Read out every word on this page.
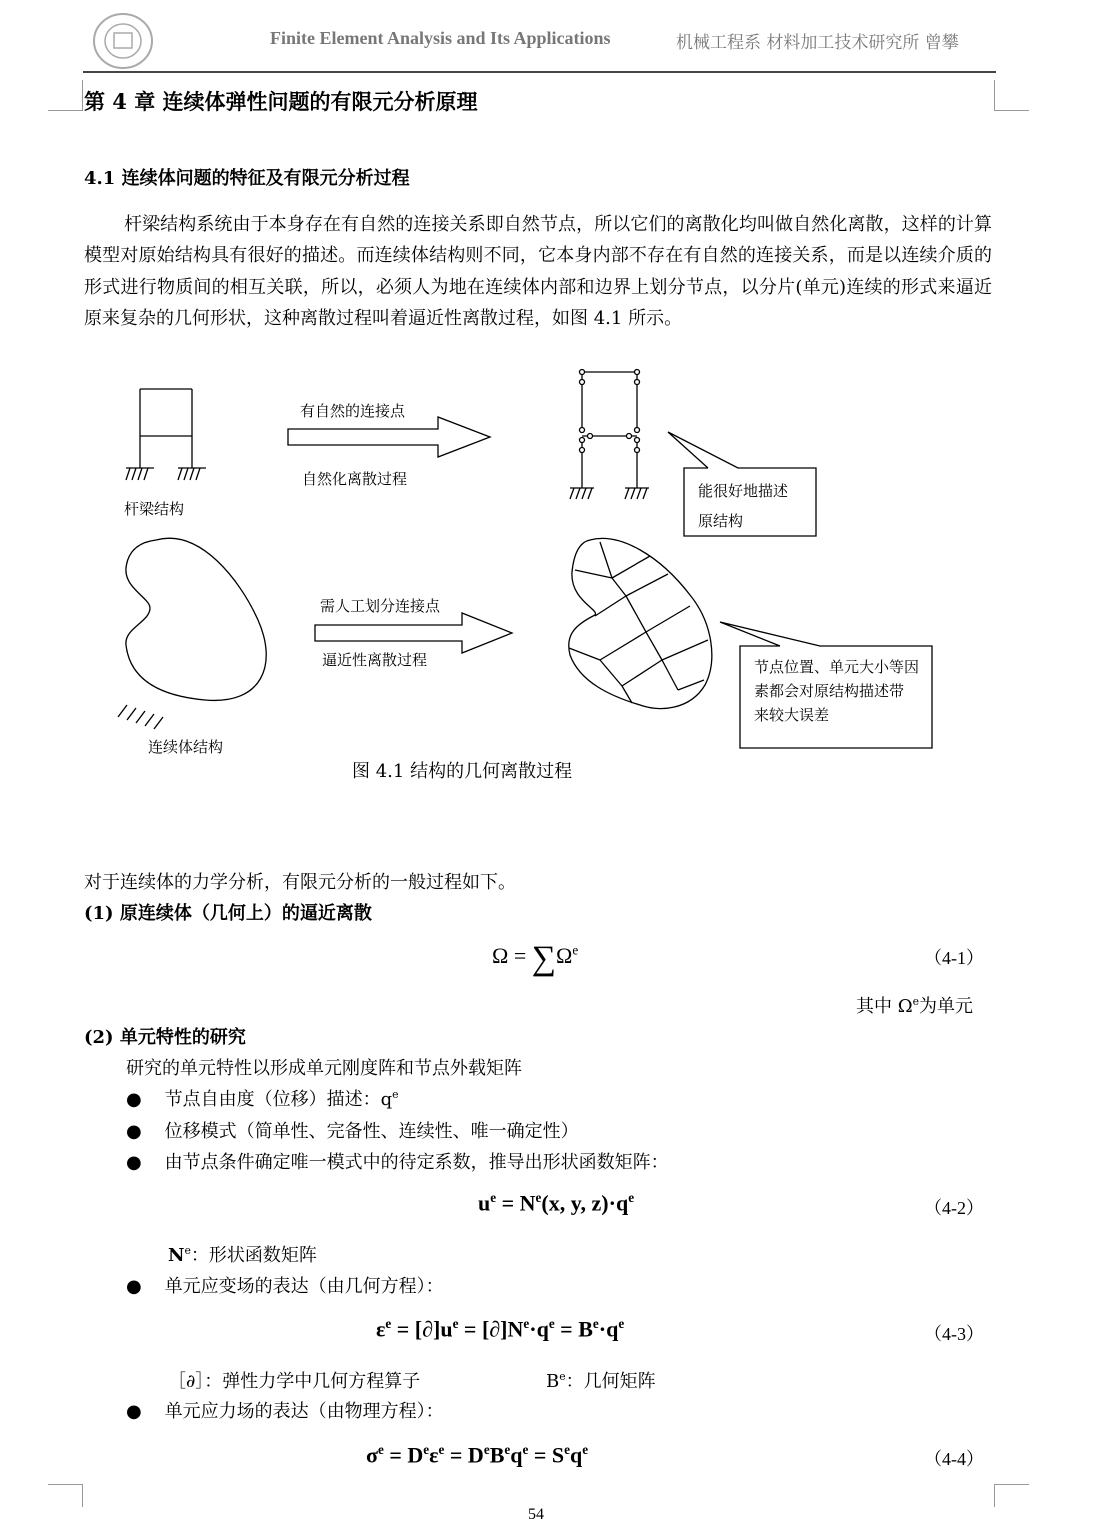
Finite Element Analysis and Its Applications	机械工程系 材料加工技术研究所 曾攀
第 4 章 连续体弹性问题的有限元分析原理
4.1 连续体问题的特征及有限元分析过程

杆梁结构系统由于本身存在有自然的连接关系即自然节点，所以它们的离散化均叫做自然化离散，这样的计算模型对原始结构具有很好的描述。而连续体结构则不同，它本身内部不存在有自然的连接关系，而是以连续介质的形式进行物质间的相互关联，所以，必须人为地在连续体内部和边界上划分节点，以分片(单元)连续的形式来逼近原来复杂的几何形状，这种离散过程叫着逼近性离散过程，如图 4.1 所示。

杆梁结构
有自然的连接点
自然化离散过程
能很好地描述
原结构
连续体结构
需人工划分连接点
逼近性离散过程	节点位置、单元大小等因
素都会对原结构描述带
来较大误差
图 4.1 结构的几何离散过程
对于连续体的力学分析，有限元分析的一般过程如下。
(1) 原连续体（几何上）的逼近离散
$\Omega = \sum\Omega^e$	（4-1）
其中 $\Omega^e$为单元
(2) 单元特性的研究
研究的单元特性以形成单元刚度阵和节点外载矩阵
●    节点自由度（位移）描述：$q^e$
●    位移模式（简单性、完备性、连续性、唯一确定性）
●    由节点条件确定唯一模式中的待定系数，推导出形状函数矩阵：
$u^e = N^e(x$, y, $z)\cdot q^e$
（4-2）
$N^e$：形状函数矩阵
●    单元应变场的表达（由几何方程）：
$\varepsilon^e = [\partial]u^e = [\partial]N^e\cdot q^e = B^e\cdot q^e$
（4-3）
［∂］：弹性力学中几何方程算子	$B^e$：几何矩阵
●    单元应力场的表达（由物理方程）：
$\sigma^e = D^e\varepsilon^e = D^eB^eq^e = S^eq^e$	（4-4）
54
